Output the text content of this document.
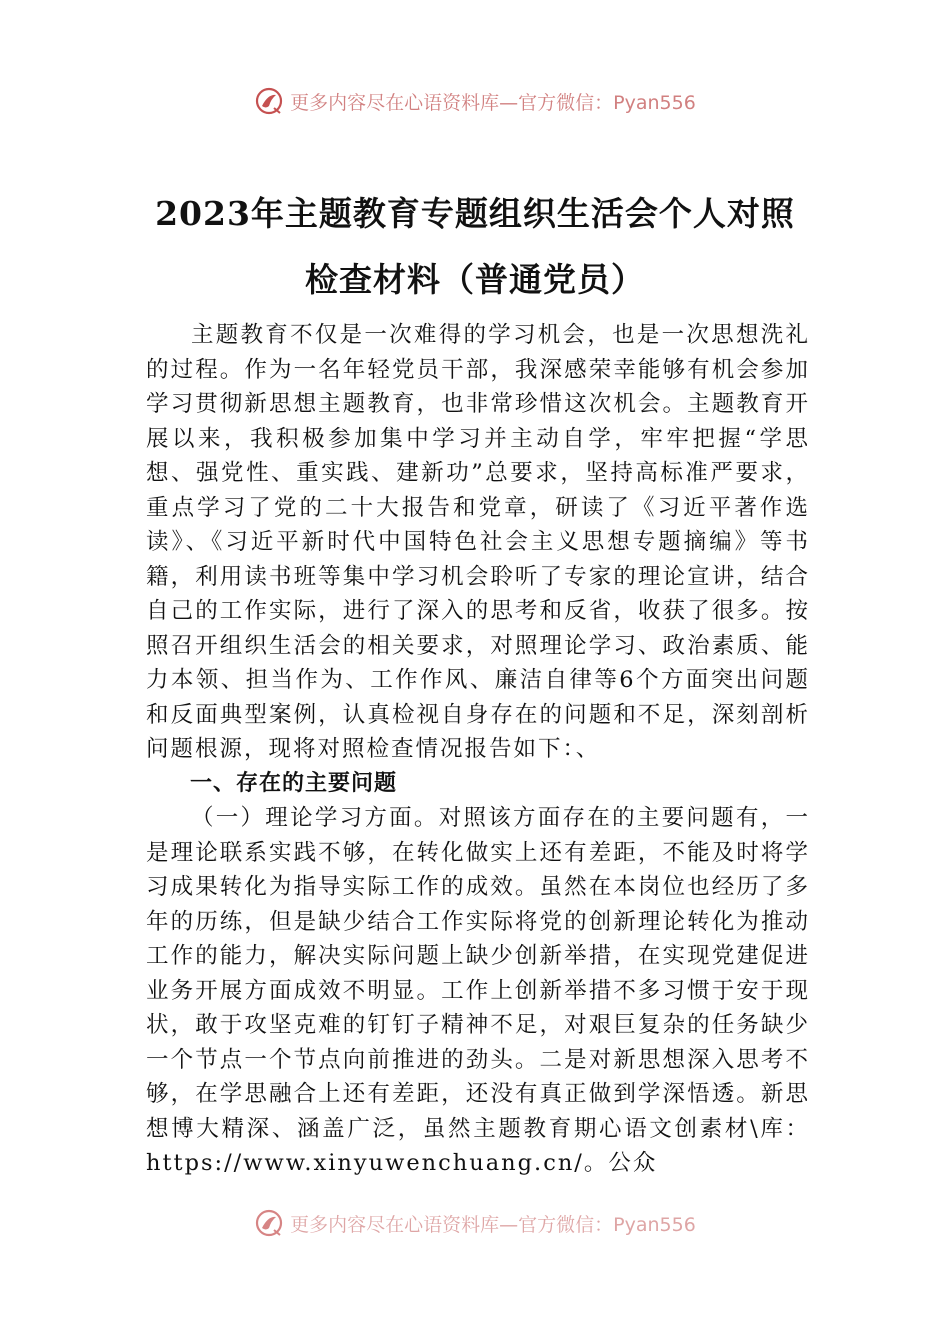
更多内容尽在心语资料库—官方微信：Pyan556
2023年主题教育专题组织生活会个人对照
检查材料（普通党员）

主题教育不仅是一次难得的学习机会，也是一次思想洗礼的过程。作为一名年轻党员干部，我深感荣幸能够有机会参加学习贯彻新思想主题教育，也非常珍惜这次机会。主题教育开展以来，我积极参加集中学习并主动自学，牢牢把握“学思想、强党性、重实践、建新功”总要求，坚持高标准严要求，重点学习了党的二十大报告和党章，研读了《习近平著作选读》、《习近平新时代中国特色社会主义思想专题摘编》等书籍，利用读书班等集中学习机会聆听了专家的理论宣讲，结合自己的工作实际，进行了深入的思考和反省，收获了很多。按照召开组织生活会的相关要求，对照理论学习、政治素质、能力本领、担当作为、工作作风、廉洁自律等6个方面突出问题和反面典型案例，认真检视自身存在的问题和不足，深刻剖析问题根源，现将对照检查情况报告如下：、

一、存在的主要问题

（一）理论学习方面。对照该方面存在的主要问题有，一是理论联系实践不够，在转化做实上还有差距，不能及时将学习成果转化为指导实际工作的成效。虽然在本岗位也经历了多年的历练，但是缺少结合工作实际将党的创新理论转化为推动工作的能力，解决实际问题上缺少创新举措，在实现党建促进业务开展方面成效不明显。工作上创新举措不多习惯于安于现状，敢于攻坚克难的钉钉子精神不足，对艰巨复杂的任务缺少一个节点一个节点向前推进的劲头。二是对新思想深入思考不够，在学思融合上还有差距，还没有真正做到学深悟透。新思想博大精深、涵盖广泛，虽然主题教育期心语文创素材\库：https://www.xinyuwenchuang.cn/。公众

更多内容尽在心语资料库—官方微信：Pyan556
